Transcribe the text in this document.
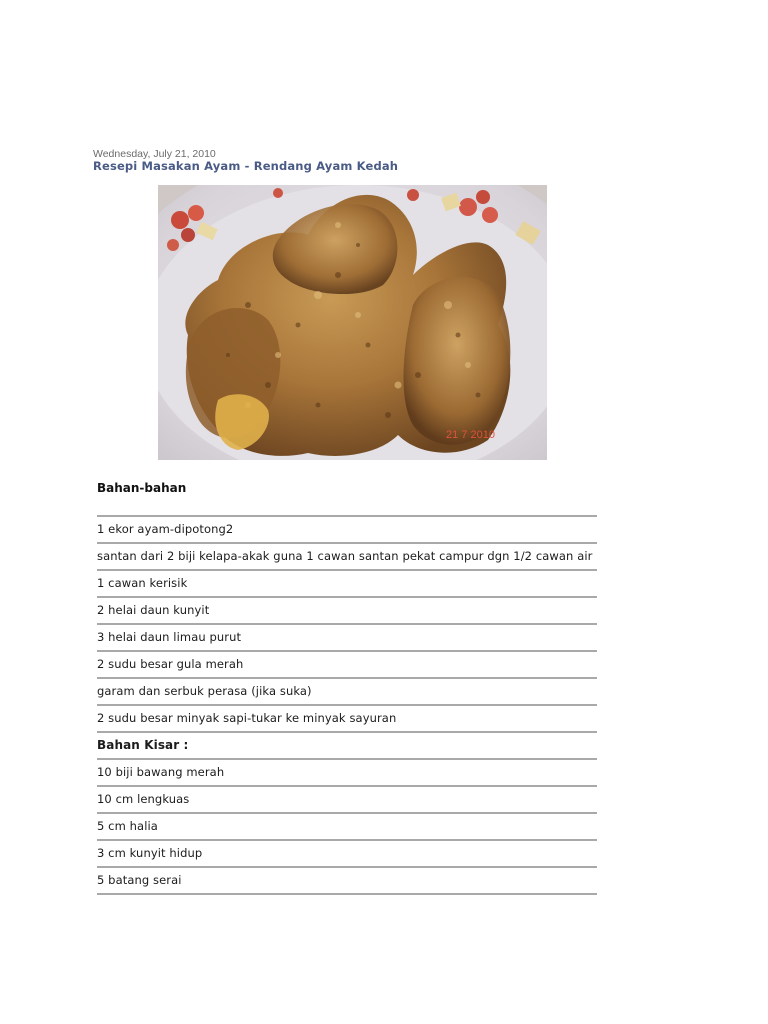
Wednesday, July 21, 2010
Resepi Masakan Ayam - Rendang Ayam Kedah
21 7 2010
Bahan-bahan
1 ekor ayam-dipotong2
santan dari 2 biji kelapa-akak guna 1 cawan santan pekat campur dgn 1/2 cawan air
1 cawan kerisik
2 helai daun kunyit
3 helai daun limau purut
2 sudu besar gula merah
garam dan serbuk perasa (jika suka)
2 sudu besar minyak sapi-tukar ke minyak sayuran
Bahan Kisar :
10 biji bawang merah
10 cm lengkuas
5 cm halia
3 cm kunyit hidup
5 batang serai
